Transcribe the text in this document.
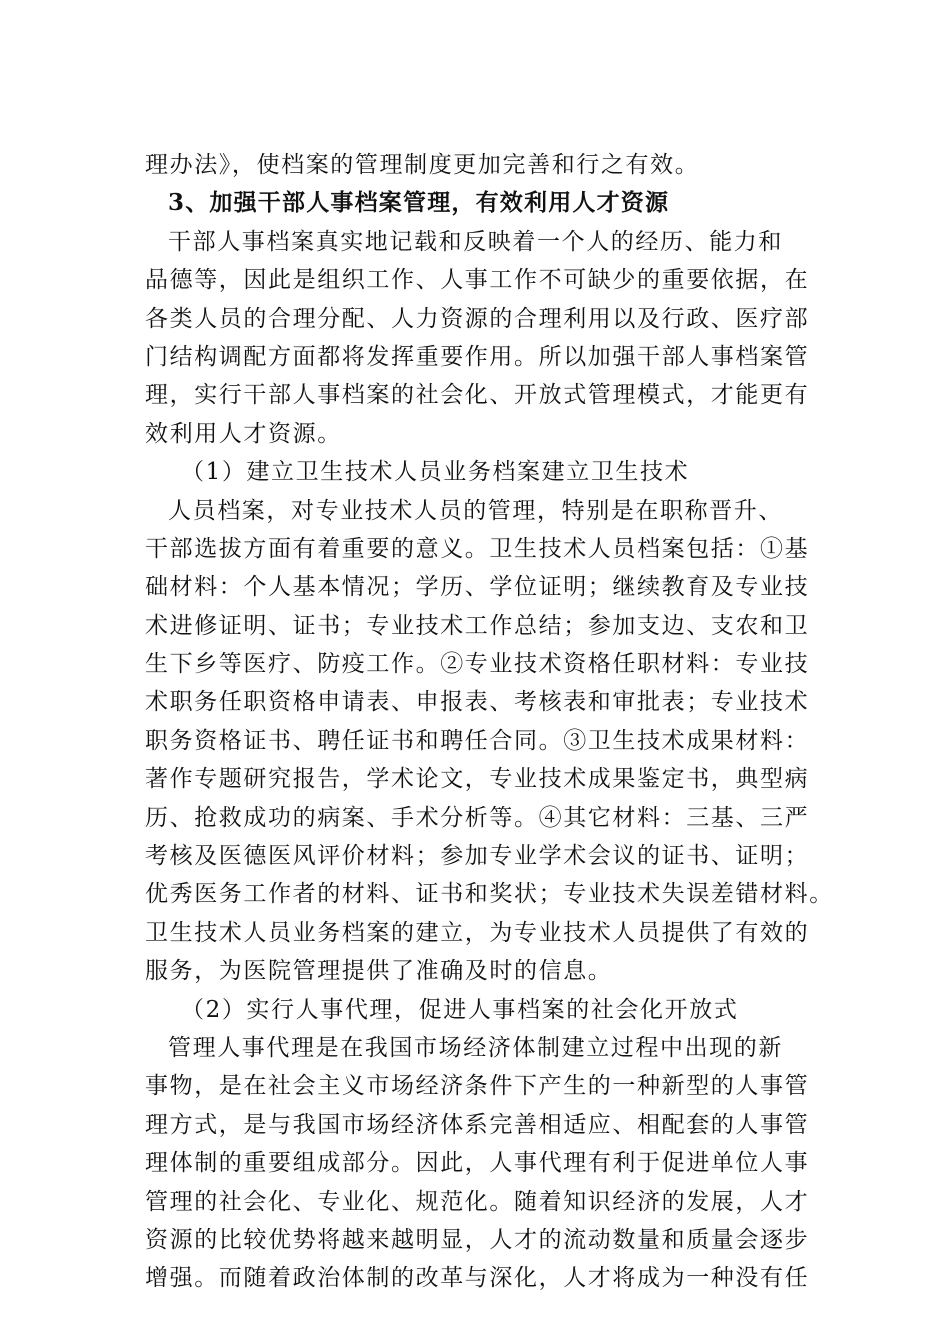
理办法》，使档案的管理制度更加完善和行之有效。
3、加强干部人事档案管理，有效利用人才资源
干部人事档案真实地记载和反映着一个人的经历、能力和
品德等，因此是组织工作、人事工作不可缺少的重要依据，在
各类人员的合理分配、人力资源的合理利用以及行政、医疗部
门结构调配方面都将发挥重要作用。所以加强干部人事档案管
理，实行干部人事档案的社会化、开放式管理模式，才能更有
效利用人才资源。
（1）建立卫生技术人员业务档案建立卫生技术
人员档案，对专业技术人员的管理，特别是在职称晋升、
干部选拔方面有着重要的意义。卫生技术人员档案包括：①基
础材料：个人基本情况；学历、学位证明；继续教育及专业技
术进修证明、证书；专业技术工作总结；参加支边、支农和卫
生下乡等医疗、防疫工作。②专业技术资格任职材料：专业技
术职务任职资格申请表、申报表、考核表和审批表；专业技术
职务资格证书、聘任证书和聘任合同。③卫生技术成果材料：
著作专题研究报告，学术论文，专业技术成果鉴定书，典型病
历、抢救成功的病案、手术分析等。④其它材料：三基、三严
考核及医德医风评价材料；参加专业学术会议的证书、证明；
优秀医务工作者的材料、证书和奖状；专业技术失误差错材料。
卫生技术人员业务档案的建立，为专业技术人员提供了有效的
服务，为医院管理提供了准确及时的信息。
（2）实行人事代理，促进人事档案的社会化开放式
管理人事代理是在我国市场经济体制建立过程中出现的新
事物，是在社会主义市场经济条件下产生的一种新型的人事管
理方式，是与我国市场经济体系完善相适应、相配套的人事管
理体制的重要组成部分。因此，人事代理有利于促进单位人事
管理的社会化、专业化、规范化。随着知识经济的发展，人才
资源的比较优势将越来越明显，人才的流动数量和质量会逐步
增强。而随着政治体制的改革与深化，人才将成为一种没有任
